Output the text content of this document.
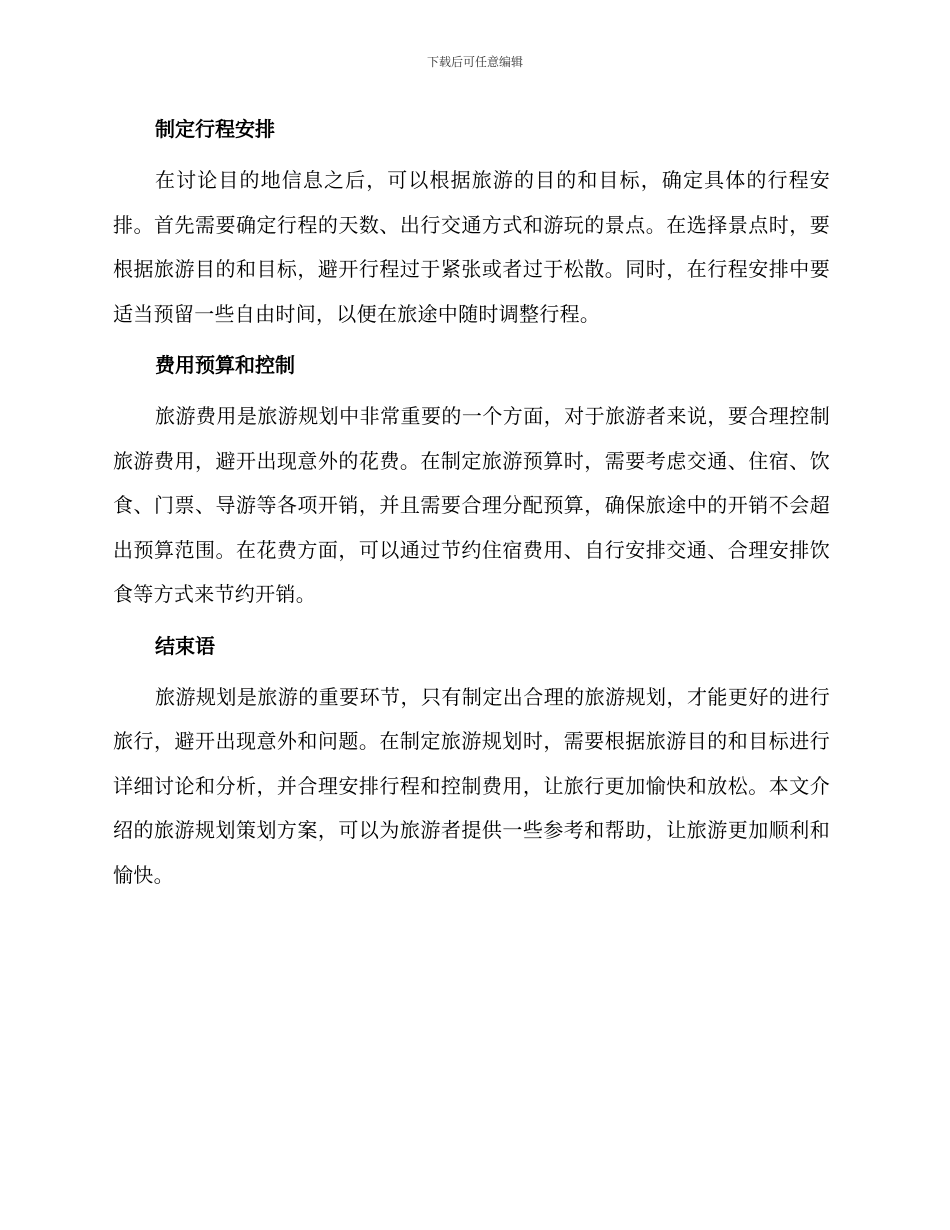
下载后可任意编辑
制定行程安排

在讨论目的地信息之后，可以根据旅游的目的和目标，确定具体的行程安排。首先需要确定行程的天数、出行交通方式和游玩的景点。在选择景点时，要根据旅游目的和目标，避开行程过于紧张或者过于松散。同时，在行程安排中要适当预留一些自由时间，以便在旅途中随时调整行程。

费用预算和控制

旅游费用是旅游规划中非常重要的一个方面，对于旅游者来说，要合理控制旅游费用，避开出现意外的花费。在制定旅游预算时，需要考虑交通、住宿、饮食、门票、导游等各项开销，并且需要合理分配预算，确保旅途中的开销不会超出预算范围。在花费方面，可以通过节约住宿费用、自行安排交通、合理安排饮食等方式来节约开销。

结束语

旅游规划是旅游的重要环节，只有制定出合理的旅游规划，才能更好的进行旅行，避开出现意外和问题。在制定旅游规划时，需要根据旅游目的和目标进行详细讨论和分析，并合理安排行程和控制费用，让旅行更加愉快和放松。本文介绍的旅游规划策划方案，可以为旅游者提供一些参考和帮助，让旅游更加顺利和愉快。
